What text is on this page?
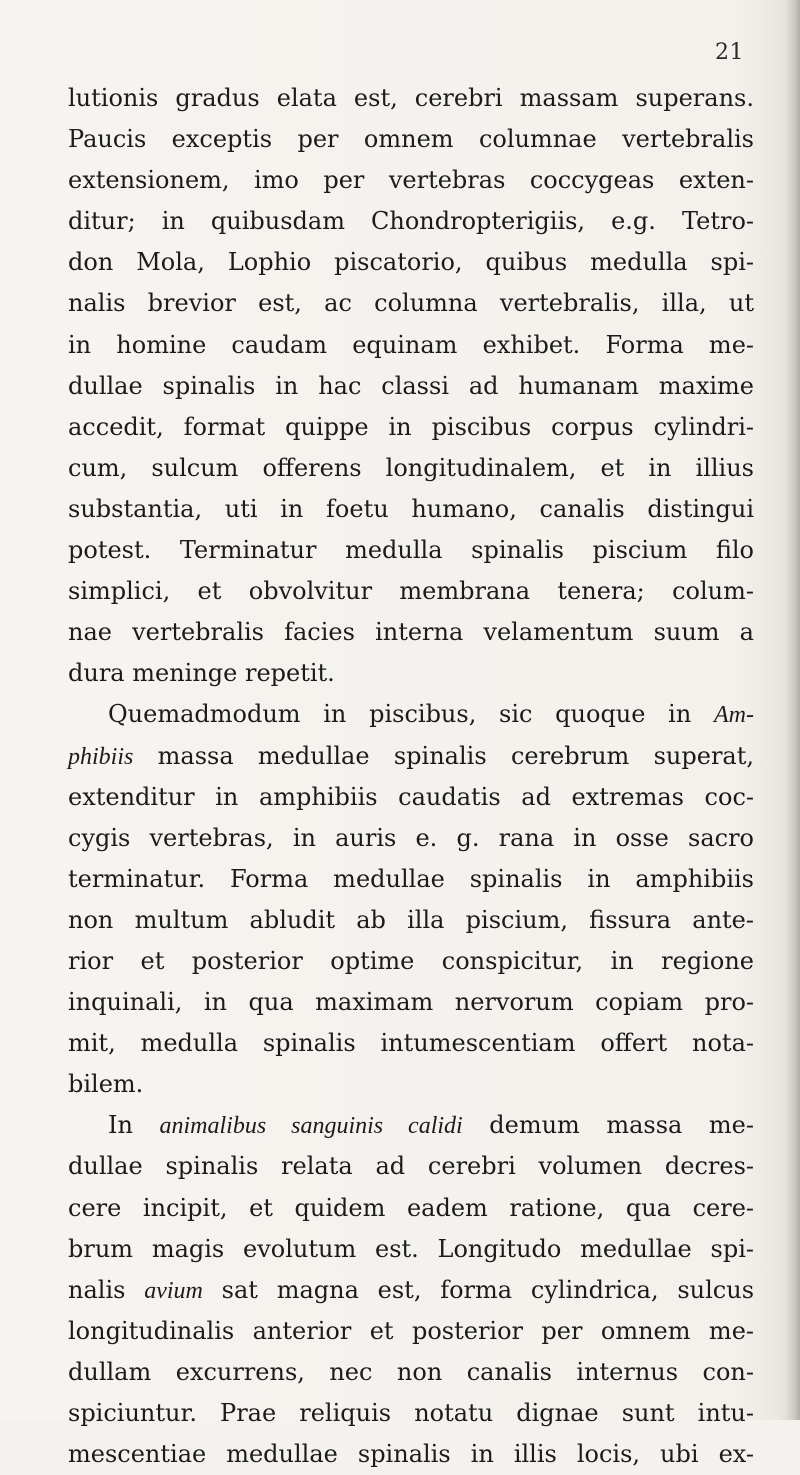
21
lutionis gradus elata est, cerebri massam superans.
Paucis exceptis per omnem columnae vertebralis
extensionem, imo per vertebras coccygeas exten-
ditur; in quibusdam Chondropterigiis, e.g. Tetro-
don Mola, Lophio piscatorio, quibus medulla spi-
nalis brevior est, ac columna vertebralis, illa, ut
in homine caudam equinam exhibet. Forma me-
dullae spinalis in hac classi ad humanam maxime
accedit, format quippe in piscibus corpus cylindri-
cum, sulcum offerens longitudinalem, et in illius
substantia, uti in foetu humano, canalis distingui
potest. Terminatur medulla spinalis piscium filo
simplici, et obvolvitur membrana tenera; colum-
nae vertebralis facies interna velamentum suum a
dura meninge repetit.
Quemadmodum in piscibus, sic quoque in Am-
phibiis massa medullae spinalis cerebrum superat,
extenditur in amphibiis caudatis ad extremas coc-
cygis vertebras, in auris e. g. rana in osse sacro
terminatur. Forma medullae spinalis in amphibiis
non multum abludit ab illa piscium, fissura ante-
rior et posterior optime conspicitur, in regione
inquinali, in qua maximam nervorum copiam pro-
mit, medulla spinalis intumescentiam offert nota-
bilem.
In animalibus sanguinis calidi demum massa me-
dullae spinalis relata ad cerebri volumen decres-
cere incipit, et quidem eadem ratione, qua cere-
brum magis evolutum est. Longitudo medullae spi-
nalis avium sat magna est, forma cylindrica, sulcus
longitudinalis anterior et posterior per omnem me-
dullam excurrens, nec non canalis internus con-
spiciuntur. Prae reliquis notatu dignae sunt intu-
mescentiae medullae spinalis in illis locis, ubi ex-
